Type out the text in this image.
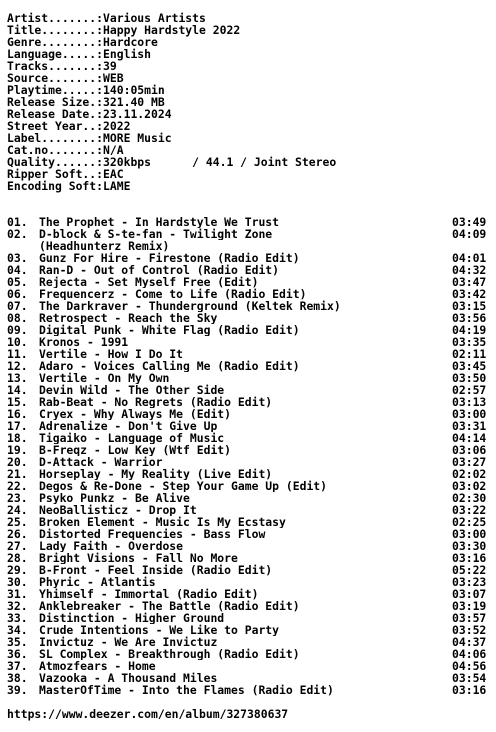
Artist.......: Various Artists
Title........: Happy Hardstyle 2022
Genre........: Hardcore
Language.....: English
Tracks.......: 39
Source.......: WEB
Playtime.....: 140:05min
Release Size.: 321.40 MB
Release Date.: 23.11.2024
Street Year..: 2022
Label........: MORE Music
Cat.no.......: N/A
Quality......: 320kbps      / 44.1 / Joint Stereo
Ripper Soft..: EAC
Encoding Soft: LAME
01.	The Prophet - In Hardstyle We Trust	03:49
02.	D-block & S-te-fan - Twilight Zone	04:09
(Headhunterz Remix)
03.	Gunz For Hire - Firestone (Radio Edit)	04:01
04.	Ran-D - Out of Control (Radio Edit)	04:32
05.	Rejecta - Set Myself Free (Edit)	03:47
06.	Frequencerz - Come to Life (Radio Edit)	03:42
07.	The Darkraver - Thunderground (Keltek Remix)	03:15
08.	Retrospect - Reach the Sky	03:56
09.	Digital Punk - White Flag (Radio Edit)	04:19
10.	Kronos - 1991	03:35
11.	Vertile - How I Do It	02:11
12.	Adaro - Voices Calling Me (Radio Edit)	03:45
13.	Vertile - On My Own	03:50
14.	Devin Wild - The Other Side	02:57
15.	Rab-Beat - No Regrets (Radio Edit)	03:13
16.	Cryex - Why Always Me (Edit)	03:00
17.	Adrenalize - Don't Give Up	03:31
18.	Tigaiko - Language of Music	04:14
19.	B-Freqz - Low Key (Wtf Edit)	03:06
20.	D-Attack - Warrior	03:27
21.	Horseplay - My Reality (Live Edit)	02:02
22.	Degos & Re-Done - Step Your Game Up (Edit)	03:02
23.	Psyko Punkz - Be Alive	02:30
24.	NeoBallisticz - Drop It	03:22
25.	Broken Element - Music Is My Ecstasy	02:25
26.	Distorted Frequencies - Bass Flow	03:00
27.	Lady Faith - Overdose	03:30
28.	Bright Visions - Fall No More	03:16
29.	B-Front - Feel Inside (Radio Edit)	05:22
30.	Phyric - Atlantis	03:23
31.	Yhimself - Immortal (Radio Edit)	03:07
32.	Anklebreaker - The Battle (Radio Edit)	03:19
33.	Distinction - Higher Ground	03:57
34.	Crude Intentions - We Like to Party	03:52
35.	Invictuz - We Are Invictuz	04:37
36.	SL Complex - Breakthrough (Radio Edit)	04:06
37.	Atmozfears - Home	04:56
38.	Vazooka - A Thousand Miles	03:54
39.	MasterOfTime - Into the Flames (Radio Edit)	03:16
https://www.deezer.com/en/album/327380637
